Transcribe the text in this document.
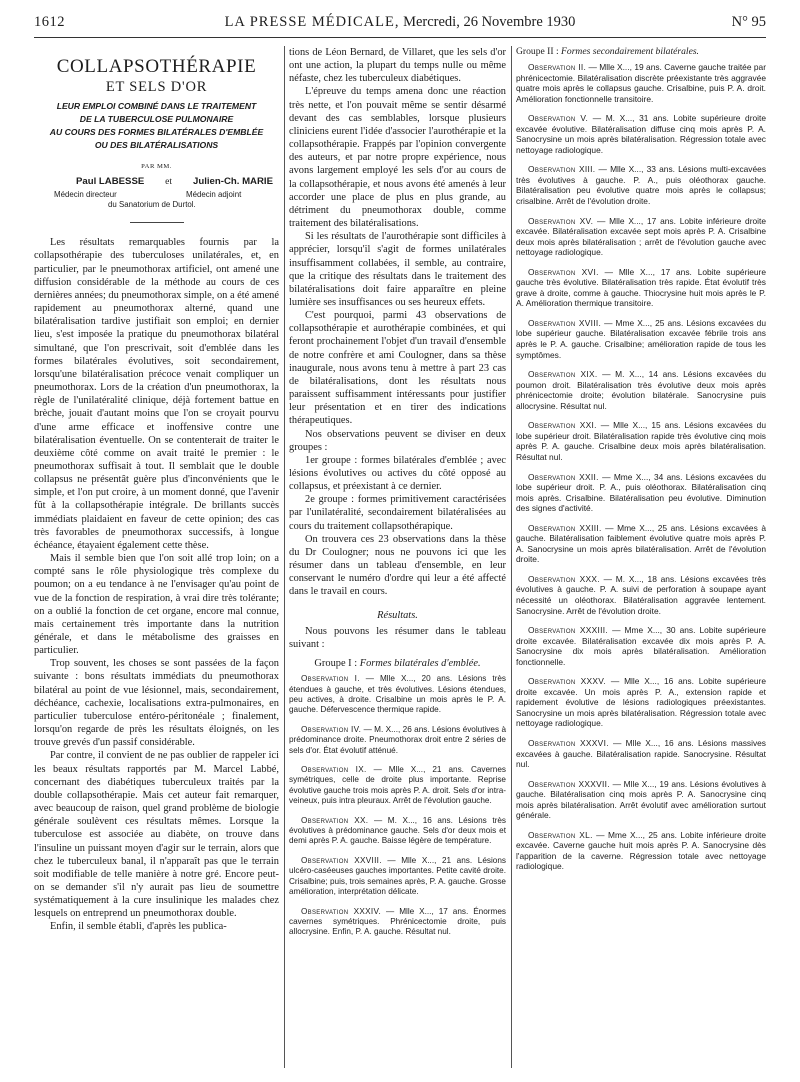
1612	LA PRESSE MÉDICALE, Mercredi, 26 Novembre 1930	N° 95
COLLAPSOTHÉRAPIE
ET SELS D'OR
LEUR EMPLOI COMBINÉ DANS LE TRAITEMENT
DE LA TUBERCULOSE PULMONAIRE
AU COURS DES FORMES BILATÉRALES D'EMBLÉE
OU DES BILATÉRALISATIONS
PAR MM.
Paul LABESSE et Julien-Ch. MARIE
Médecin directeur	Médecin adjoint
du Sanatorium de Durtol.

Les résultats remarquables fournis par la collapsothérapie des tuberculoses unilatérales, et, en particulier, par le pneumothorax artificiel, ont amené une diffusion considérable de la méthode au cours de ces dernières années; du pneumothorax simple, on a été amené rapidement au pneumothorax alterné, quand une bilatéralisation tardive justifiait son emploi; en dernier lieu, s'est imposée la pratique du pneumothorax bilatéral simultané, que l'on prescrivait, soit d'emblée dans les formes bilatérales évolutives, soit secondairement, lorsqu'une bilatéralisation précoce venait compliquer un pneumothorax. Lors de la création d'un pneumothorax, la règle de l'unilatéralité clinique, déjà fortement battue en brèche, jouait d'autant moins que l'on se croyait pourvu d'une arme efficace et inoffensive contre une bilatéralisation éventuelle. On se contenterait de traiter le deuxième côté comme on avait traité le premier : le pneumothorax suffisait à tout. Il semblait que le double collapsus ne présentât guère plus d'inconvénients que le simple, et l'on put croire, à un moment donné, que l'avenir fût à la collapsothérapie intégrale. De brillants succès immédiats plaidaient en faveur de cette opinion; des cas très favorables de pneumothorax successifs, à longue échéance, étayaient également cette thèse.

Mais il semble bien que l'on soit allé trop loin; on a compté sans le rôle physiologique très complexe du poumon; on a eu tendance à ne l'envisager qu'au point de vue de la fonction de respiration, à vrai dire très tolérante; on a oublié la fonction de cet organe, encore mal connue, mais certainement très importante dans la nutrition générale, et dans le métabolisme des graisses en particulier.

Trop souvent, les choses se sont passées de la façon suivante : bons résultats immédiats du pneumothorax bilatéral au point de vue lésionnel, mais, secondairement, déchéance, cachexie, localisations extra-pulmonaires, en particulier tuberculose entéro-péritonéale ; finalement, lorsqu'on regarde de près les résultats éloignés, on les trouve grevés d'un passif considérable.

Par contre, il convient de ne pas oublier de rappeler ici les beaux résultats rapportés par M. Marcel Labbé, concernant des diabétiques tuberculeux traités par la double collapsothérapie. Mais cet auteur fait remarquer, avec beaucoup de raison, quel grand problème de biologie générale soulèvent ces résultats mêmes. Lorsque la tuberculose est associée au diabète, on trouve dans l'insuline un puissant moyen d'agir sur le terrain, alors que chez le tuberculeux banal, il n'apparaît pas que le terrain soit modifiable de telle manière à notre gré. Encore peut-on se demander s'il n'y aurait pas lieu de soumettre systématiquement à la cure insulinique les malades chez lesquels on entreprend un pneumothorax double.

Enfin, il semble établi, d'après les publica-

tions de Léon Bernard, de Villaret, que les sels d'or ont une action, la plupart du temps nulle ou même néfaste, chez les tuberculeux diabétiques.

L'épreuve du temps amena donc une réaction très nette, et l'on pouvait même se sentir désarmé devant des cas semblables, lorsque plusieurs cliniciens eurent l'idée d'associer l'aurothérapie et la collapsothérapie. Frappés par l'opinion convergente des auteurs, et par notre propre expérience, nous avons largement employé les sels d'or au cours de la collapsothérapie, et nous avons été amenés à leur accorder une place de plus en plus grande, au détriment du pneumothorax double, comme traitement des bilatéralisations.

Si les résultats de l'aurothérapie sont difficiles à apprécier, lorsqu'il s'agit de formes unilatérales insuffisamment collabées, il semble, au contraire, que la critique des résultats dans le traitement des bilatéralisations doit faire apparaître en pleine lumière ses insuffisances ou ses heureux effets.

C'est pourquoi, parmi 43 observations de collapsothérapie et aurothérapie combinées, et qui feront prochainement l'objet d'un travail d'ensemble de notre confrère et ami Coulogner, dans sa thèse inaugurale, nous avons tenu à mettre à part 23 cas de bilatéralisations, dont les résultats nous paraissent suffisamment intéressants pour justifier leur présentation et en tirer des indications thérapeutiques.

Nos observations peuvent se diviser en deux groupes :

1er groupe : formes bilatérales d'emblée ; avec lésions évolutives ou actives du côté opposé au collapsus, et préexistant à ce dernier.

2e groupe : formes primitivement caractérisées par l'unilatéralité, secondairement bilatéralisées au cours du traitement collapsothérapique.

On trouvera ces 23 observations dans la thèse du Dr Coulogner; nous ne pouvons ici que les résumer dans un tableau d'ensemble, en leur conservant le numéro d'ordre qui leur a été affecté dans le travail en cours.

Résultats.

Nous pouvons les résumer dans le tableau suivant :

Groupe I : Formes bilatérales d'emblée.

Observation I. — Mlle X..., 20 ans. Lésions très étendues à gauche, et très évolutives. Lésions étendues, peu actives, à droite. Crisalbine un mois après le P. A. gauche. Défervescence thermique rapide.

Observation IV. — M. X..., 26 ans. Lésions évolutives à prédominance droite. Pneumothorax droit entre 2 séries de sels d'or. État évolutif atténué.

Observation IX. — Mlle X..., 21 ans. Cavernes symétriques, celle de droite plus importante. Reprise évolutive gauche trois mois après P. A. droit. Sels d'or intra-veineux, puis intra pleuraux. Arrêt de l'évolution gauche.

Observation XX. — M. X..., 16 ans. Lésions très évolutives à prédominance gauche. Sels d'or deux mois et demi après P. A. gauche. Baisse légère de température.

Observation XXVIII. — Mlle X..., 21 ans. Lésions ulcéro-caséeuses gauches importantes. Petite cavité droite. Crisalbine; puis, trois semaines après, P. A. gauche. Grosse amélioration, interprétation délicate.

Observation XXXIV. — Mlle X..., 17 ans. Énormes cavernes symétriques. Phrénicectomie droite, puis allocrysine. Enfin, P. A. gauche. Résultat nul.

Groupe II : Formes secondairement bilatérales.

Observation II. — Mlle X..., 19 ans. Caverne gauche traitée par phrénicectomie. Bilatéralisation discrète préexistante très aggravée quatre mois après le collapsus gauche. Crisalbine, puis P. A. droit. Amélioration fonctionnelle transitoire.

Observation V. — M. X..., 31 ans. Lobite supérieure droite excavée évolutive. Bilatéralisation diffuse cinq mois après P. A. Sanocrysine un mois après bilatéralisation. Régression totale avec nettoyage radiologique.

Observation XIII. — Mlle X..., 33 ans. Lésions multi-excavées très évolutives à gauche. P. A., puis oléothorax gauche. Bilatéralisation peu évolutive quatre mois après le collapsus; crisalbine. Arrêt de l'évolution droite.

Observation XV. — Mlle X..., 17 ans. Lobite inférieure droite excavée. Bilatéralisation excavée sept mois après P. A. Crisalbine deux mois après bilatéralisation ; arrêt de l'évolution gauche avec nettoyage radiologique.

Observation XVI. — Mlle X..., 17 ans. Lobite supérieure gauche très évolutive. Bilatéralisation très rapide. État évolutif très grave à droite, comme à gauche. Thiocrysine huit mois après le P. A. Amélioration thermique transitoire.

Observation XVIII. — Mme X..., 25 ans. Lésions excavées du lobe supérieur gauche. Bilatéralisation excavée fébrile trois ans après le P. A. gauche. Crisalbine; amélioration rapide de tous les symptômes.

Observation XIX. — M. X..., 14 ans. Lésions excavées du poumon droit. Bilatéralisation très évolutive deux mois après phrénicectomie droite; évolution bilatérale. Sanocrysine puis allocrysine. Résultat nul.

Observation XXI. — Mlle X..., 15 ans. Lésions excavées du lobe supérieur droit. Bilatéralisation rapide très évolutive cinq mois après P. A. gauche. Crisalbine deux mois après bilatéralisation. Résultat nul.

Observation XXII. — Mme X..., 34 ans. Lésions excavées du lobe supérieur droit. P. A., puis oléothorax. Bilatéralisation cinq mois après. Crisalbine. Bilatéralisation peu évolutive. Diminution des signes d'activité.

Observation XXIII. — Mme X..., 25 ans. Lésions excavées à gauche. Bilatéralisation faiblement évolutive quatre mois après P. A. Sanocrysine un mois après bilatéralisation. Arrêt de l'évolution droite.

Observation XXX. — M. X..., 18 ans. Lésions excavées très évolutives à gauche. P. A. suivi de perforation à soupape ayant nécessité un oléothorax. Bilatéralisation aggravée lentement. Sanocrysine. Arrêt de l'évolution droite.

Observation XXXIII. — Mme X..., 30 ans. Lobite supérieure droite excavée. Bilatéralisation excavée dix mois après P. A. Sanocrysine dix mois après bilatéralisation. Amélioration fonctionnelle.

Observation XXXV. — Mlle X..., 16 ans. Lobite supérieure droite excavée. Un mois après P. A., extension rapide et rapidement évolutive de lésions radiologiques préexistantes. Sanocrysine un mois après bilatéralisation. Régression totale avec nettoyage radiologique.

Observation XXXVI. — Mlle X..., 16 ans. Lésions massives excavées à gauche. Bilatéralisation rapide. Sanocrysine. Résultat nul.

Observation XXXVII. — Mlle X..., 19 ans. Lésions évolutives à gauche. Bilatéralisation cinq mois après P. A. Sanocrysine cinq mois après bilatéralisation. Arrêt évolutif avec amélioration surtout générale.

Observation XL. — Mme X..., 25 ans. Lobite inférieure droite excavée. Caverne gauche huit mois après P. A. Sanocrysine dès l'apparition de la caverne. Régression totale avec nettoyage radiologique.
